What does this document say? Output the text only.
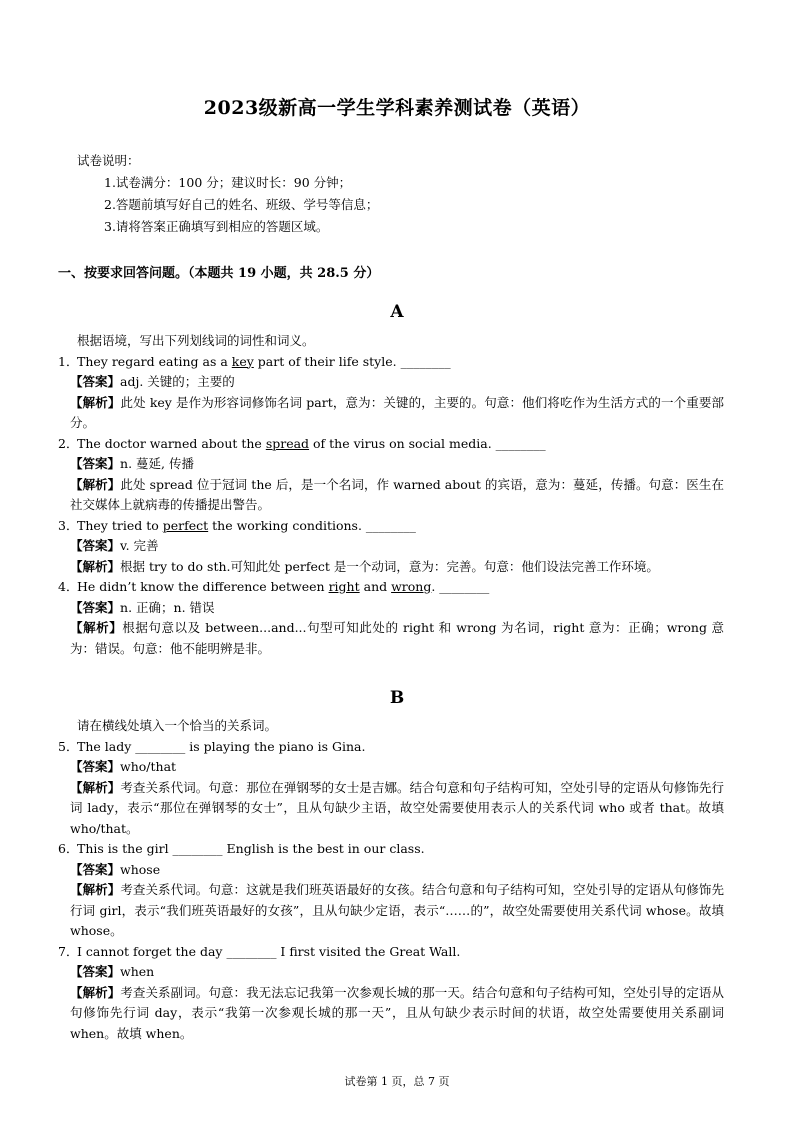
2023级新高一学生学科素养测试卷（英语）
试卷说明：
1.试卷满分：100 分；建议时长：90 分钟；
2.答题前填写好自己的姓名、班级、学号等信息；
3.请将答案正确填写到相应的答题区域。
一、按要求回答问题。（本题共 19 小题，共 28.5 分）
A
根据语境，写出下列划线词的词性和词义。
1．
They regard eating as a key part of their life style. ________
【答案】adj. 关键的；主要的
【解析】此处 key 是作为形容词修饰名词 part，意为：关键的，主要的。句意：他们将吃作为生活方式的一个重要部分。
2．
The doctor warned about the spread of the virus on social media. ________
【答案】n. 蔓延, 传播
【解析】此处 spread 位于冠词 the 后，是一个名词，作 warned about 的宾语，意为：蔓延，传播。句意：医生在社交媒体上就病毒的传播提出警告。
3．
They tried to perfect the working conditions. ________
【答案】v. 完善
【解析】根据 try to do sth.可知此处 perfect 是一个动词，意为：完善。句意：他们设法完善工作环境。
4．
He didn’t know the difference between right and wrong. ________
【答案】n. 正确；n. 错误
【解析】根据句意以及 between...and...句型可知此处的 right 和 wrong 为名词，right 意为：正确；wrong 意为：错误。句意：他不能明辨是非。
B
请在横线处填入一个恰当的关系词。
5．
The lady ________ is playing the piano is Gina.
【答案】who/that
【解析】考查关系代词。句意：那位在弹钢琴的女士是吉娜。结合句意和句子结构可知，空处引导的定语从句修饰先行词 lady，表示“那位在弹钢琴的女士”，且从句缺少主语，故空处需要使用表示人的关系代词 who 或者 that。故填 who/that。
6．
This is the girl ________ English is the best in our class.
【答案】whose
【解析】考查关系代词。句意：这就是我们班英语最好的女孩。结合句意和句子结构可知，空处引导的定语从句修饰先行词 girl，表示“我们班英语最好的女孩”，且从句缺少定语，表示“……的”，故空处需要使用关系代词 whose。故填 whose。
7．
I cannot forget the day ________ I first visited the Great Wall.
【答案】when
【解析】考查关系副词。句意：我无法忘记我第一次参观长城的那一天。结合句意和句子结构可知，空处引导的定语从句修饰先行词 day，表示“我第一次参观长城的那一天”，且从句缺少表示时间的状语，故空处需要使用关系副词 when。故填 when。
试卷第 1 页，总 7 页
